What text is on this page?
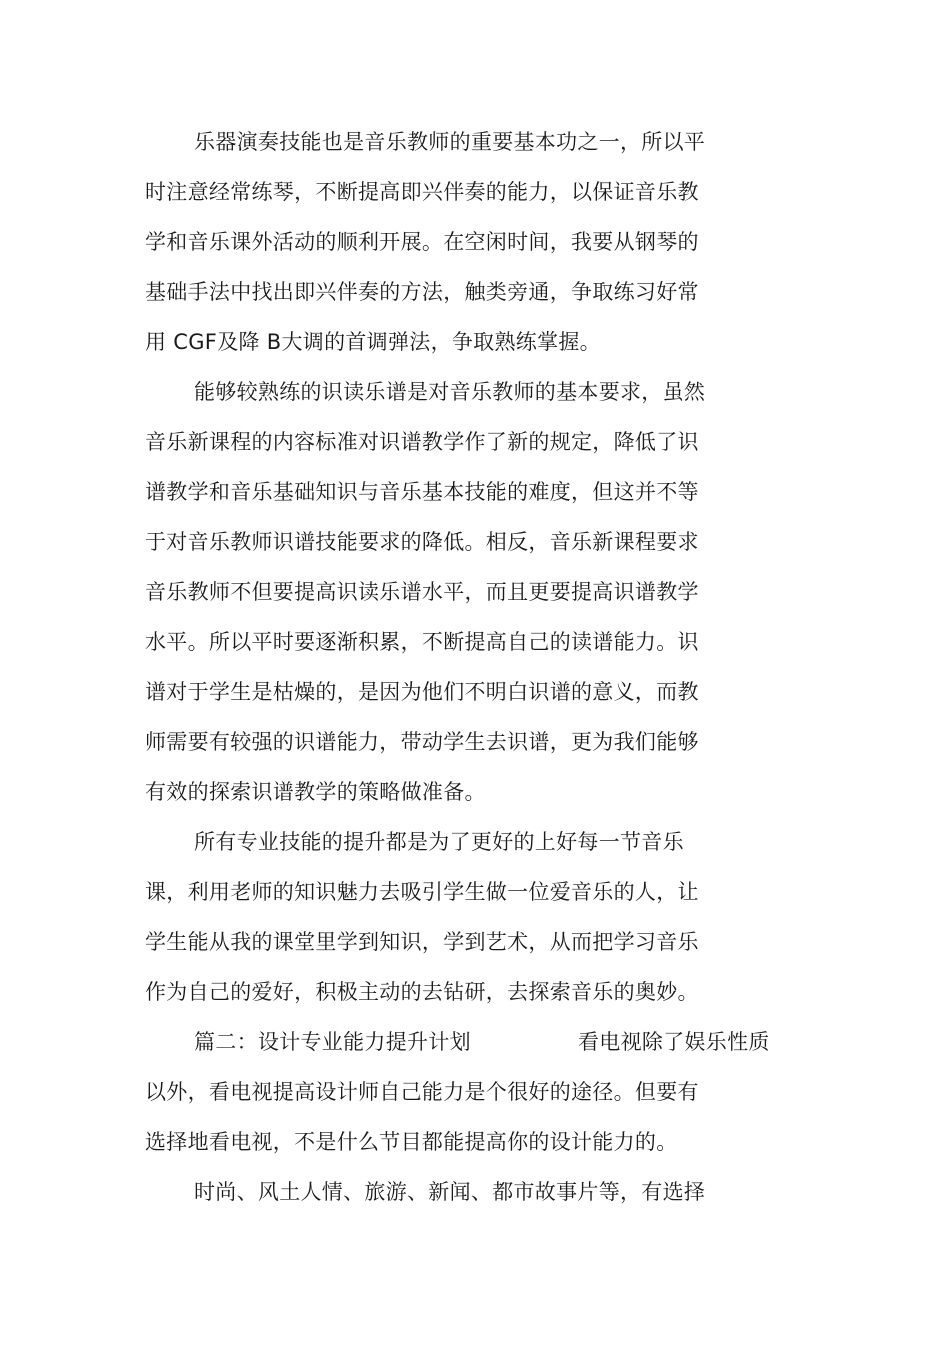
乐器演奏技能也是音乐教师的重要基本功之一，所以平
时注意经常练琴，不断提高即兴伴奏的能力，以保证音乐教
学和音乐课外活动的顺利开展。在空闲时间，我要从钢琴的
基础手法中找出即兴伴奏的方法，触类旁通，争取练习好常
用 CGF及降 B大调的首调弹法，争取熟练掌握。
能够较熟练的识读乐谱是对音乐教师的基本要求，虽然
音乐新课程的内容标准对识谱教学作了新的规定，降低了识
谱教学和音乐基础知识与音乐基本技能的难度，但这并不等
于对音乐教师识谱技能要求的降低。相反，音乐新课程要求
音乐教师不但要提高识读乐谱水平，而且更要提高识谱教学
水平。所以平时要逐渐积累，不断提高自己的读谱能力。识
谱对于学生是枯燥的，是因为他们不明白识谱的意义，而教
师需要有较强的识谱能力，带动学生去识谱，更为我们能够
有效的探索识谱教学的策略做准备。
所有专业技能的提升都是为了更好的上好每一节音乐
课，利用老师的知识魅力去吸引学生做一位爱音乐的人，让
学生能从我的课堂里学到知识，学到艺术，从而把学习音乐
作为自己的爱好，积极主动的去钻研，去探索音乐的奥妙。
篇二：设计专业能力提升计划	看电视除了娱乐性质
以外，看电视提高设计师自己能力是个很好的途径。但要有
选择地看电视，不是什么节目都能提高你的设计能力的。
时尚、风土人情、旅游、新闻、都市故事片等，有选择
